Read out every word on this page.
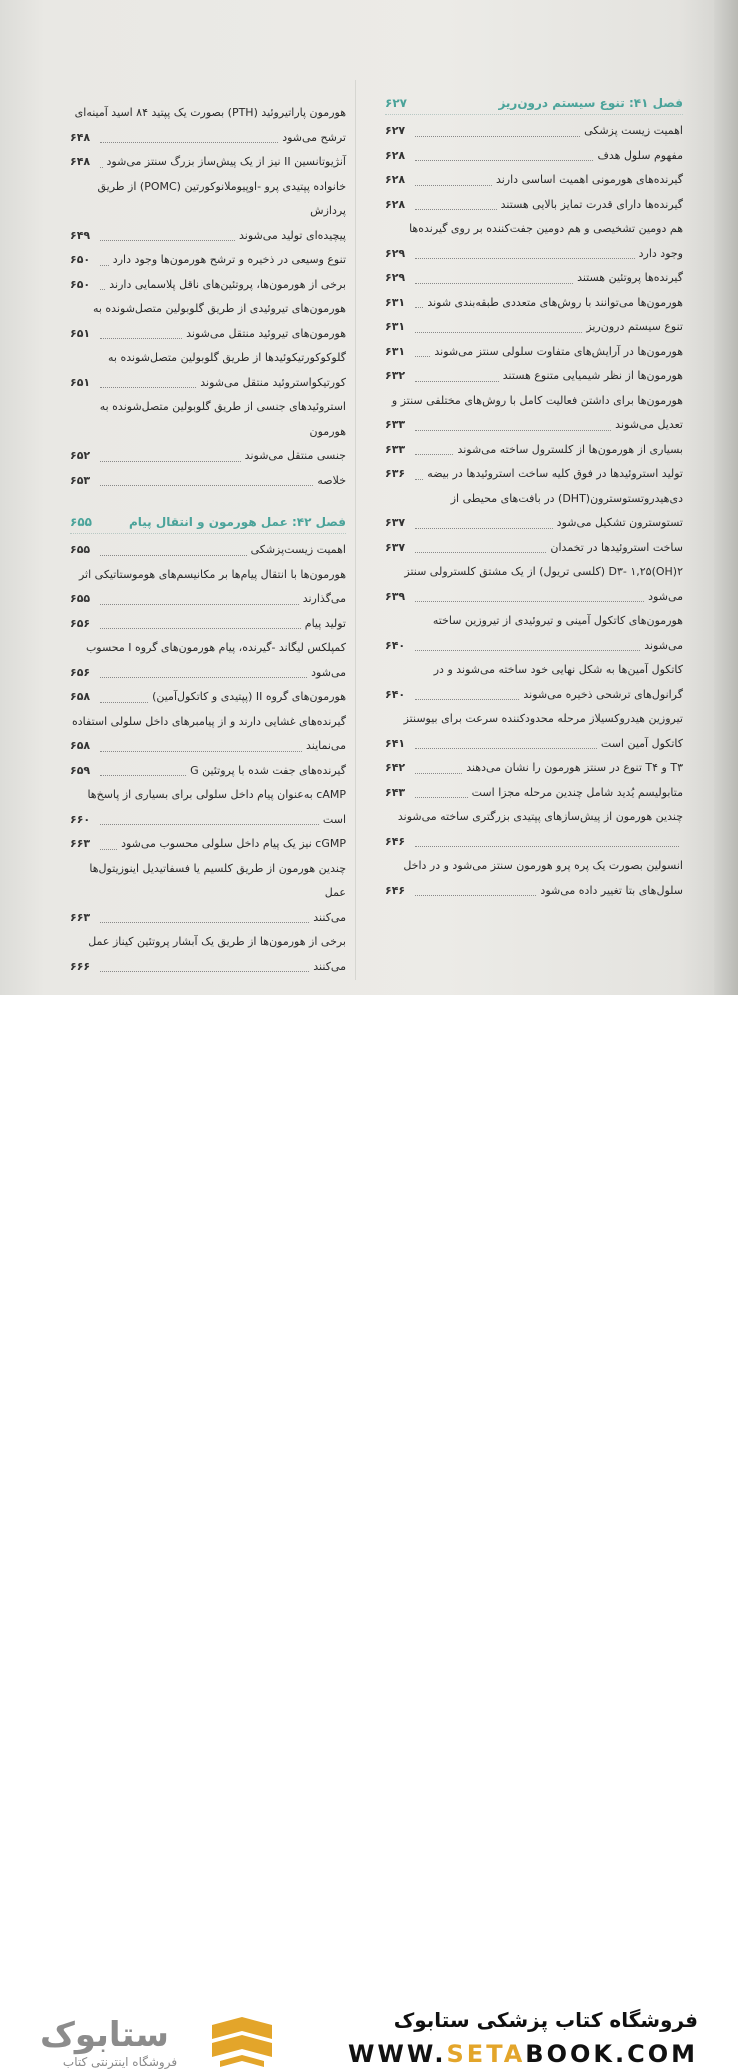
فصل ۴۱: تنوع سیستم درون‌ریز
۶۲۷
اهمیت زیست‌ پزشکی
۶۲۷
مفهوم سلول هدف
۶۲۸
گیرنده‌های هورمونی اهمیت اساسی دارند
۶۲۸
گیرنده‌ها دارای قدرت تمایز بالایی هستند
۶۲۸
هم دومین تشخیصی و هم دومین جفت‌کننده بر روی گیرنده‌ها
وجود دارد
۶۲۹
گیرنده‌ها پروتئین هستند
۶۲۹
هورمون‌ها می‌توانند با روش‌های متعددی طبقه‌بندی شوند
۶۳۱
تنوع سیستم درون‌ریز
۶۳۱
هورمون‌ها در آرایش‌های متفاوت سلولی سنتز می‌شوند
۶۳۱
هورمون‌ها از نظر شیمیایی متنوع هستند
۶۳۲
هورمون‌ها برای داشتن فعالیت کامل با روش‌های مختلفی سنتز و
تعدیل می‌شوند
۶۳۳
بسیاری از هورمون‌ها از کلسترول ساخته می‌شوند
۶۳۳
تولید استروئیدها در فوق کلیه ساخت استروئیدها در بیضه
۶۳۶
دی‌هیدروتستوسترون(DHT) در بافت‌های محیطی از
تستوسترون تشکیل می‌شود
۶۳۷
ساخت استروئیدها در تخمدان
۶۳۷
D۳- ۱,۲۵(OH)۲ (کلسی تریول) از یک مشتق کلسترولی سنتز
می‌شود
۶۳۹
هورمون‌های کاتکول آمینی و تیروئیدی از تیروزین ساخته
می‌شوند
۶۴۰
کاتکول آمین‌ها به شکل نهایی خود ساخته می‌شوند و در
گرانول‌های ترشحی ذخیره می‌شوند
۶۴۰
تیروزین هیدروکسیلاز مرحله محدودکننده سرعت برای بیوسنتز
کاتکول آمین است
۶۴۱
T۳ و T۴ تنوع در سنتز هورمون را نشان می‌دهند
۶۴۲
متابولیسم یُدید شامل چندین مرحله مجزا است
۶۴۳
چندین هورمون از پیش‌سازهای پپتیدی بزرگتری ساخته می‌شوند
۶۴۶
انسولین بصورت یک پره پرو هورمون سنتز می‌شود و در داخل
سلول‌های بتا تغییر داده می‌شود
۶۴۶
هورمون پاراتیروئید (PTH) بصورت یک پپتید ۸۴ اسید آمینه‌ای
ترشح می‌شود
۶۴۸
آنژیوتانسین II نیز از یک پیش‌ساز بزرگ سنتز می‌شود
۶۴۸
خانواده پپتیدی پرو -اوپیوملانوکورتین (POMC) از طریق پردازش
پیچیده‌ای تولید می‌شوند
۶۴۹
تنوع وسیعی در ذخیره و ترشح هورمون‌ها وجود دارد
۶۵۰
برخی از هورمون‌ها، پروتئین‌های ناقل پلاسمایی دارند
۶۵۰
هورمون‌های تیروئیدی از طریق گلوبولین متصل‌شونده به
هورمون‌های تیروئید منتقل می‌شوند
۶۵۱
گلوکوکورتیکوئیدها از طریق گلوبولین متصل‌شونده به
کورتیکواستروئید منتقل می‌شوند
۶۵۱
استروئیدهای جنسی از طریق گلوبولین متصل‌شونده به هورمون
جنسی منتقل می‌شوند
۶۵۲
خلاصه
۶۵۳
فصل ۴۲: عمل هورمون و انتقال پیام
۶۵۵
اهمیت زیست‌پزشکی
۶۵۵
هورمون‌ها با انتقال پیام‌ها بر مکانیسم‌های هوموستاتیکی اثر
می‌گذارند
۶۵۵
تولید پیام
۶۵۶
کمپلکس لیگاند -گیرنده، پیام هورمون‌های گروه I محسوب
می‌شود
۶۵۶
هورمون‌های گروه II (پپتیدی و کاتکول‌آمین)
۶۵۸
گیرنده‌های غشایی دارند و از پیامبرهای داخل سلولی استفاده
می‌نمایند
۶۵۸
گیرنده‌های جفت شده با پروتئین G
۶۵۹
cAMP به‌عنوان پیام داخل سلولی برای بسیاری از پاسخ‌ها
است
۶۶۰
cGMP نیز یک پیام داخل سلولی محسوب می‌شود
۶۶۳
چندین هورمون از طریق کلسیم یا فسفاتیدیل اینوزیتول‌ها عمل
می‌کنند
۶۶۳
برخی از هورمون‌ها از طریق یک آبشار پروتئین کیناز عمل
می‌کنند
۶۶۶
ستابوک
فروشگاه اینترنتی کتاب
فروشگاه کتاب پزشکی ستابوک
WWW.SETABOOK.COM
